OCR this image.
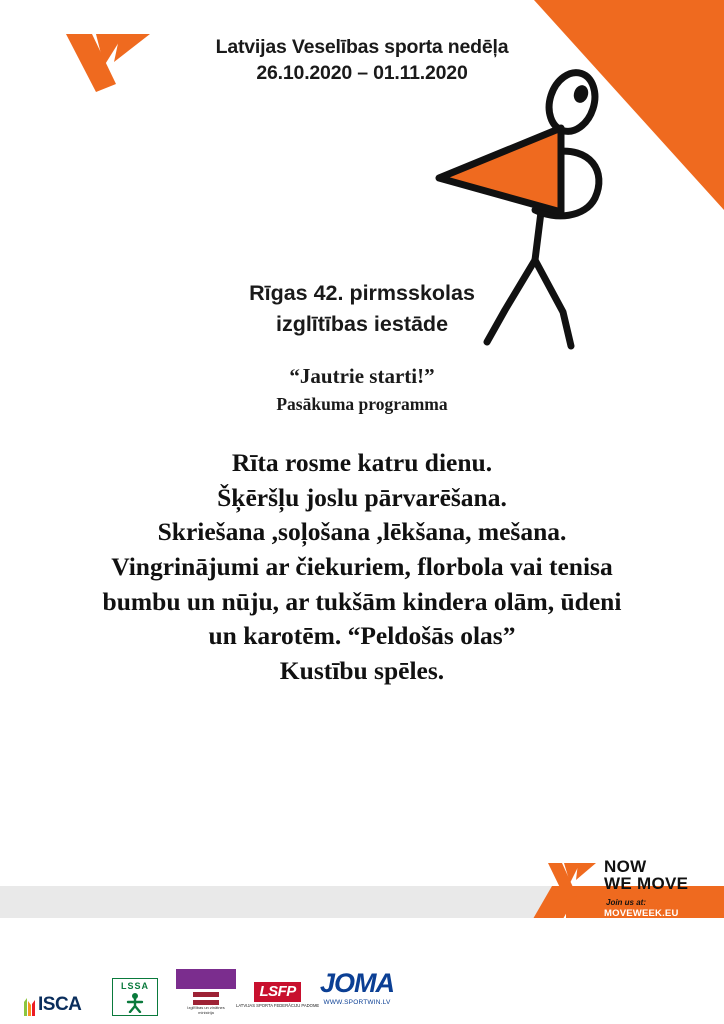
Latvijas Veselības sporta nedēļa
26.10.2020 – 01.11.2020
Rīgas 42. pirmsskolas
izglītības iestāde
“Jautrie starti!”
Pasākuma programma
Rīta rosme katru dienu.
Šķēršļu joslu pārvarēšana.
Skriešana ,soļošana ,lēkšana, mešana.
Vingrinājumi ar čiekuriem, florbola vai tenisa
bumbu un nūju, ar tukšām kindera olām, ūdeni
un karotēm. “Peldošās olas”
Kustību spēles.
NOW
WE MOVE
Join us at:
MOVEWEEK.EU
ISCA
LSSA
Izglītības un zinātnes
ministrija
LSFP
LATVIJAS SPORTA FEDERĀCIJU PADOME
JOMA
WWW.SPORTWIN.LV
